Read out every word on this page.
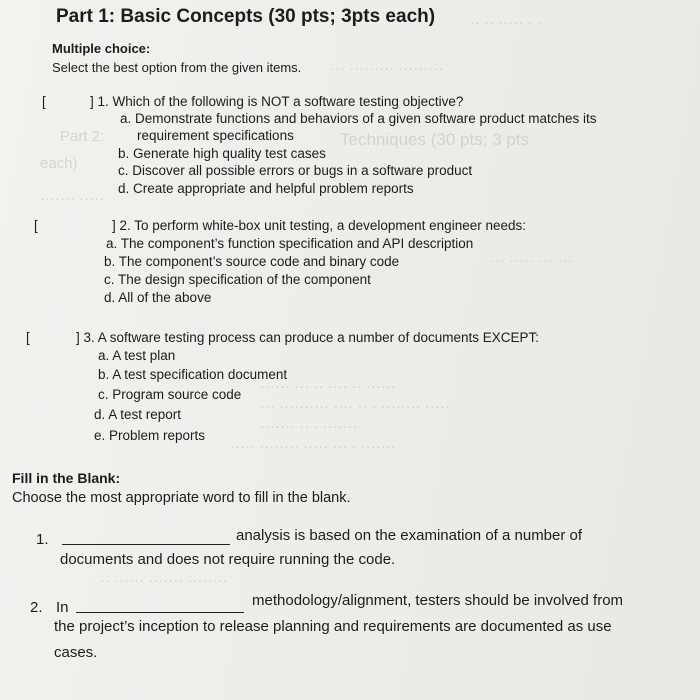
·· ·· ····· · ·
··· ········· ·········
Part 2:	Techniques (30 pts; 3 pts
each)
······· ·····
··· ····· ··· ···
······ ··· ·· ···· ·· ······
··· ·········· ···· ·· · ········ ·····
······· ·· · ·······
····· ········ ····· ··· · ·······
·· ······ ······· ········
Part 1: Basic Concepts (30 pts; 3pts each)
Multiple choice:
Select the best option from the given items.
[	] 1. Which of the following is NOT a software testing objective?
a. Demonstrate functions and behaviors of a given software product matches its
requirement specifications
b. Generate high quality test cases
c. Discover all possible errors or bugs in a software product
d. Create appropriate and helpful problem reports
[	] 2. To perform white-box unit testing, a development engineer needs:
a. The component’s function specification and API description
b. The component’s source code and binary code
c. The design specification of the component
d. All of the above
[	] 3. A software testing process can produce a number of documents EXCEPT:
a. A test plan
b. A test specification document
c. Program source code
d. A test report
e. Problem reports
Fill in the Blank:
Choose the most appropriate word to fill in the blank.
1.	analysis is based on the examination of a number of
documents and does not require running the code.
2. In	methodology/alignment, testers should be involved from
the project’s inception to release planning and requirements are documented as use
cases.
